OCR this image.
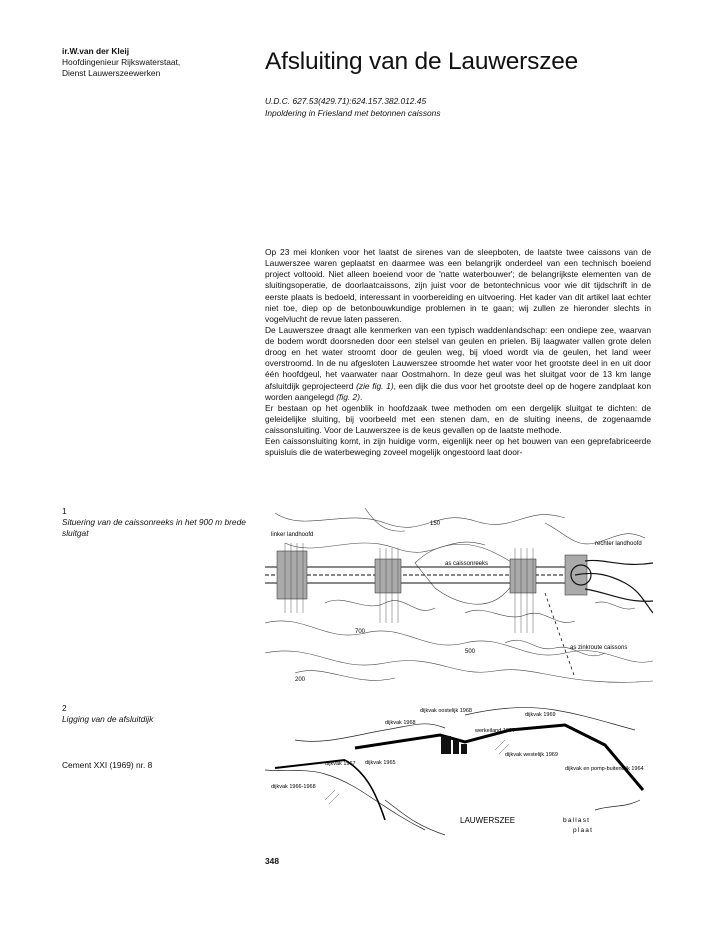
ir.W.van der Kleij
Hoofdingenieur Rijkswaterstaat,
Dienst Lauwerszeewerken	Afsluiting van de Lauwerszee
U.D.C. 627.53(429.71):624.157.382.012.45
Inpoldering in Friesland met betonnen caissons

Op 23 mei klonken voor het laatst de sirenes van de sleepboten, de laatste twee caissons van de Lauwerszee waren geplaatst en daarmee was een belangrijk onderdeel van een technisch boeiend project voltooid. Niet alleen boeiend voor de 'natte waterbouwer'; de belangrijkste elementen van de sluitingsoperatie, de doorlaatcaissons, zijn juist voor de betontechnicus voor wie dit tijdschrift in de eerste plaats is bedoeld, interessant in voorbereiding en uitvoering. Het kader van dit artikel laat echter niet toe, diep op de betonbouwkundige problemen in te gaan; wij zullen ze hieronder slechts in vogelvlucht de revue laten passeren.

De Lauwerszee draagt alle kenmerken van een typisch waddenlandschap: een ondiepe zee, waarvan de bodem wordt doorsneden door een stelsel van geulen en prielen. Bij laagwater vallen grote delen droog en het water stroomt door de geulen weg, bij vloed wordt via de geulen, het land weer overstroomd. In de nu afgesloten Lauwerszee stroomde het water voor het grootste deel in en uit door één hoofdgeul, het vaarwater naar Oostmahorn. In deze geul was het sluitgat voor de 13 km lange afsluitdijk geprojecteerd (zie fig. 1), een dijk die dus voor het grootste deel op de hogere zandplaat kon worden aangelegd (fig. 2).

Er bestaan op het ogenblik in hoofdzaak twee methoden om een dergelijk sluitgat te dichten: de geleidelijke sluiting, bij voorbeeld met een stenen dam, en de sluiting ineens, de zogenaamde caissonsluiting. Voor de Lauwerszee is de keus gevallen op de laatste methode.

Een caissonsluiting komt, in zijn huidige vorm, eigenlijk neer op het bouwen van een geprefabriceerde spuisluis die de waterbeweging zoveel mogelijk ongestoord laat door-

1
Situering van de caissonreeks in het 900 m brede sluitgat	linker landhoofd
rechter landhoofd
as caissonreeks
as zinkroute caissons
150
700
500
200
2
Ligging van de afsluitdijk	dijkvak 1968
dijkvak oostelijk 1968
werkeiland 1967
dijkvak 1966-1968
dijkvak 1967
dijkvak westelijk 1969
dijkvak 1965
dijkvak 1969
dijkvak en pomp-buitendijk 1964
LAUWERSZEE	ballast
plaat
Cement XXI (1969) nr. 8
348
